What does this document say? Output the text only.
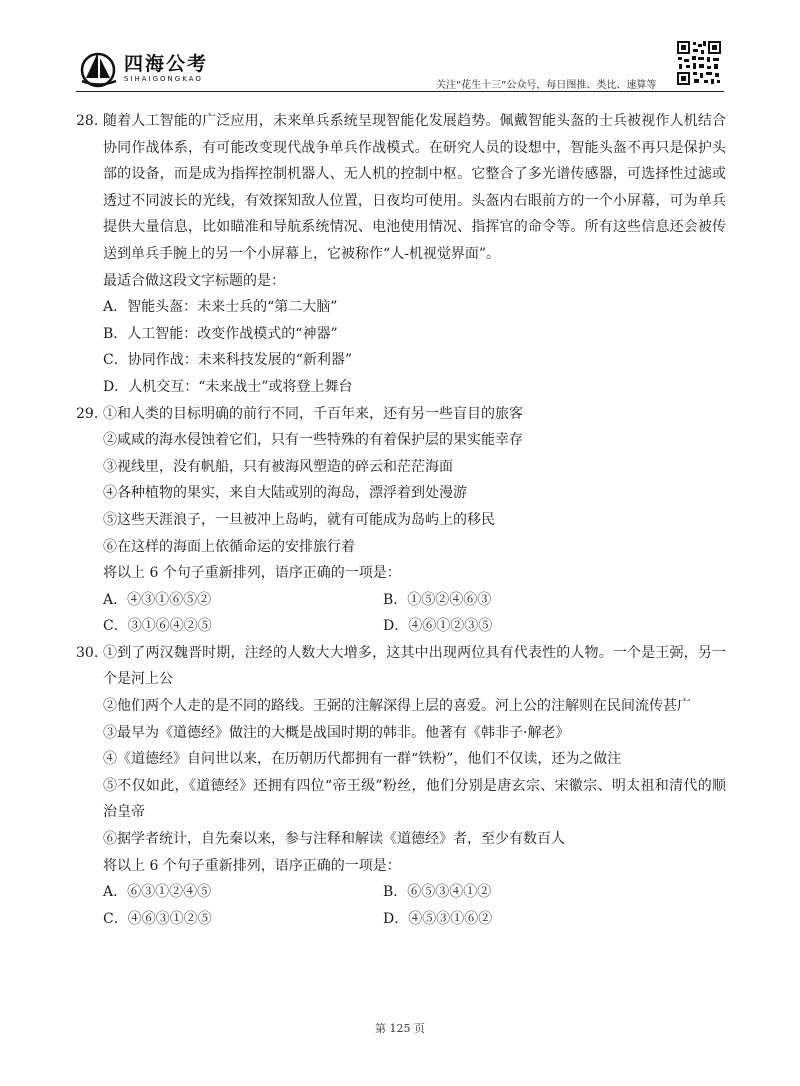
四海公考
SIHAIGONGKAO
关注“花生十三”公众号，每日图推、类比、速算等
28. 随着人工智能的广泛应用，未来单兵系统呈现智能化发展趋势。佩戴智能头盔的士兵被视作人机结合协同作战体系，有可能改变现代战争单兵作战模式。在研究人员的设想中，智能头盔不再只是保护头部的设备，而是成为指挥控制机器人、无人机的控制中枢。它整合了多光谱传感器，可选择性过滤或透过不同波长的光线，有效探知敌人位置，日夜均可使用。头盔内右眼前方的一个小屏幕，可为单兵提供大量信息，比如瞄准和导航系统情况、电池使用情况、指挥官的命令等。所有这些信息还会被传送到单兵手腕上的另一个小屏幕上，它被称作“人-机视觉界面”。
最适合做这段文字标题的是：
A．智能头盔：未来士兵的“第二大脑”
B．人工智能：改变作战模式的“神器”
C．协同作战：未来科技发展的“新利器”
D．人机交互：“未来战士”或将登上舞台
29. ①和人类的目标明确的前行不同，千百年来，还有另一些盲目的旅客
②咸咸的海水侵蚀着它们，只有一些特殊的有着保护层的果实能幸存
③视线里，没有帆船，只有被海风塑造的碎云和茫茫海面
④各种植物的果实，来自大陆或别的海岛，漂浮着到处漫游
⑤这些天涯浪子，一旦被冲上岛屿，就有可能成为岛屿上的移民
⑥在这样的海面上依循命运的安排旅行着
将以上 6 个句子重新排列，语序正确的一项是：
A．④③①⑥⑤②	B．①⑤②④⑥③
C．③①⑥④②⑤	D．④⑥①②③⑤
30. ①到了两汉魏晋时期，注经的人数大大增多，这其中出现两位具有代表性的人物。一个是王弼，另一个是河上公
②他们两个人走的是不同的路线。王弼的注解深得上层的喜爱。河上公的注解则在民间流传甚广
③最早为《道德经》做注的大概是战国时期的韩非。他著有《韩非子·解老》
④《道德经》自问世以来，在历朝历代都拥有一群“铁粉”，他们不仅读，还为之做注
⑤不仅如此，《道德经》还拥有四位“帝王级”粉丝，他们分别是唐玄宗、宋徽宗、明太祖和清代的顺治皇帝
⑥据学者统计，自先秦以来，参与注释和解读《道德经》者，至少有数百人
将以上 6 个句子重新排列，语序正确的一项是：
A．⑥③①②④⑤	B．⑥⑤③④①②
C．④⑥③①②⑤	D．④⑤③①⑥②
第 125 页
